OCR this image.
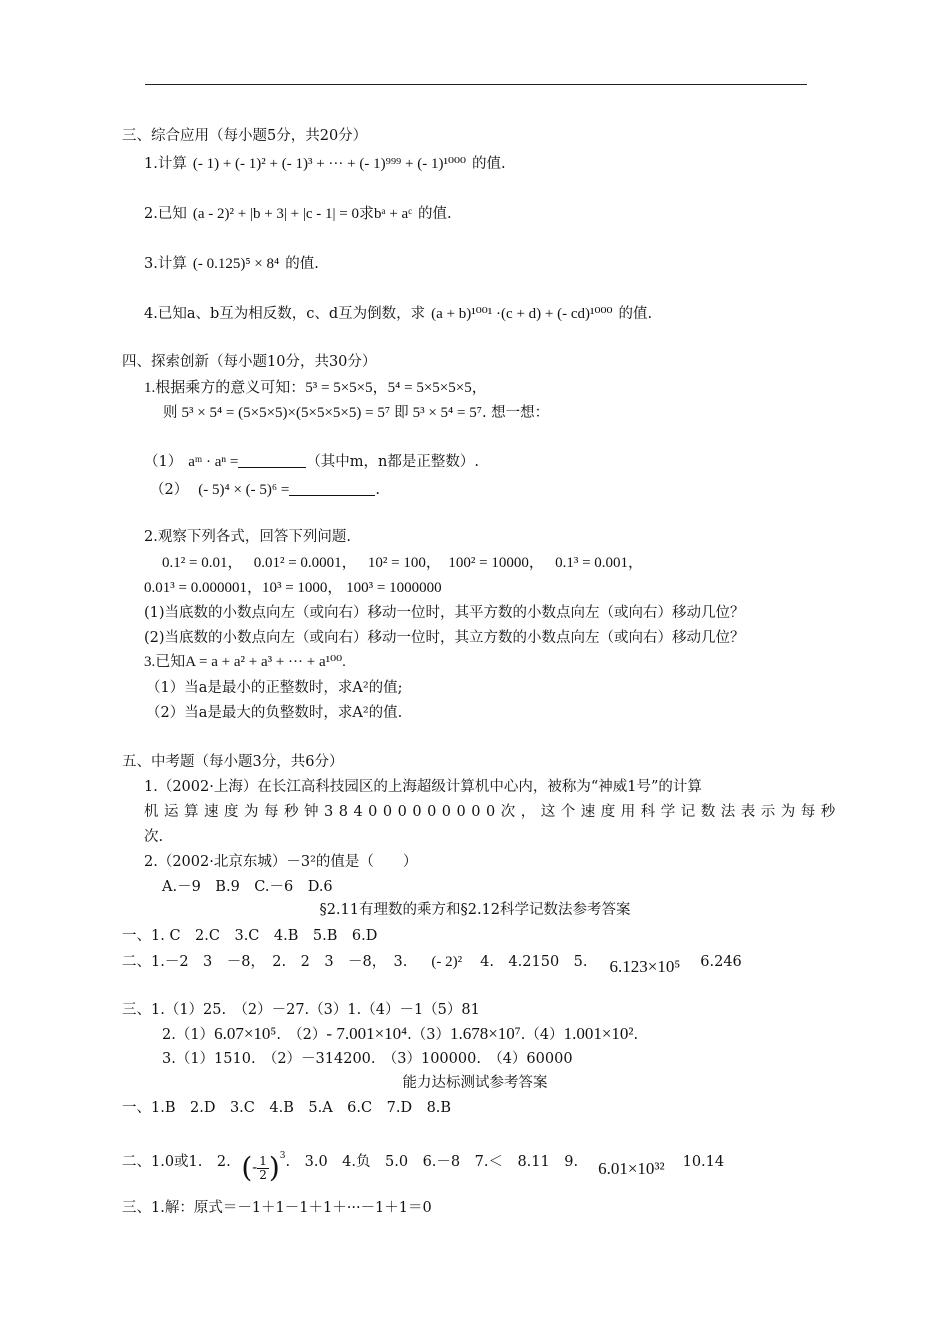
三、综合应用（每小题5分，共20分）
1.计算 (- 1) + (- 1)² + (- 1)³ + ··· + (- 1)⁹⁹⁹ + (- 1)¹⁰⁰⁰ 的值.
2.已知 (a - 2)² + |b + 3| + |c - 1| = 0求bᵃ + aᶜ 的值.
3.计算 (- 0.125)⁵ × 8⁴ 的值.
4.已知a、b互为相反数，c、d互为倒数，求 (a + b)¹⁰⁰¹ ·(c + d) + (- cd)¹⁰⁰⁰ 的值.
四、探索创新（每小题10分，共30分）
1.根据乘方的意义可知：5³ = 5×5×5，5⁴ = 5×5×5×5，
则 5³ × 5⁴ = (5×5×5)×(5×5×5×5) = 5⁷ 即 5³ × 5⁴ = 5⁷. 想一想：
（1） aᵐ · aⁿ =	（其中m，n都是正整数）.
（2） (- 5)⁴ × (- 5)⁶ =	.
2.观察下列各式，回答下列问题.
0.1² = 0.01，　 0.01² = 0.0001，　 10² = 100，　100² = 10000，　 0.1³ = 0.001，
0.01³ = 0.000001，10³ = 1000， 100³ = 1000000
(1)当底数的小数点向左（或向右）移动一位时，其平方数的小数点向左（或向右）移动几位？
(2)当底数的小数点向左（或向右）移动一位时，其立方数的小数点向左（或向右）移动几位？
3.已知A = a + a² + a³ + ··· + a¹⁰⁰.
（1）当a是最小的正整数时，求A²的值;
（2）当a是最大的负整数时，求A²的值.
五、中考题（每小题3分，共6分）
1.（2002·上海）在长江高科技园区的上海超级计算机中心内，被称为“神威1号”的计算
机运算速度为每秒钟384000000000次，这个速度用科学记数法表示为每秒
次.
2.（2002·北京东城）－3²的值是（　　）
A.－9　B.9　C.－6　D.6
§2.11有理数的乘方和§2.12科学记数法参考答案
一、1. C　2.C　3.C　4.B　5.B　6.D
二、1.－2　3　－8，　2.　2　3　－8，　3. (- 2)² 4.　4.2150　5. 6.123×10⁵ 6.246
三、1.（1）25.　（2）－27.（3）1.（4）－1（5）81
2.（1）6.07×10⁵.　（2）- 7.001×10⁴.（3）1.678×10⁷.（4）1.001×10².
3.（1）1510.　（2）－314200.　（3）100000.　（4）60000
能力达标测试参考答案
一、1.B　2.D　3.C　4.B　5.A　6.C　7.D　8.B
二、1.0或1.　2. (- $\frac{1}{2} )^3$.　3.0　4.负　5.0　6.－8　7.＜　8.11　9. 6.01×10³² 10.14
三、1.解：原式＝－1＋1－1＋1＋···－1＋1＝0
